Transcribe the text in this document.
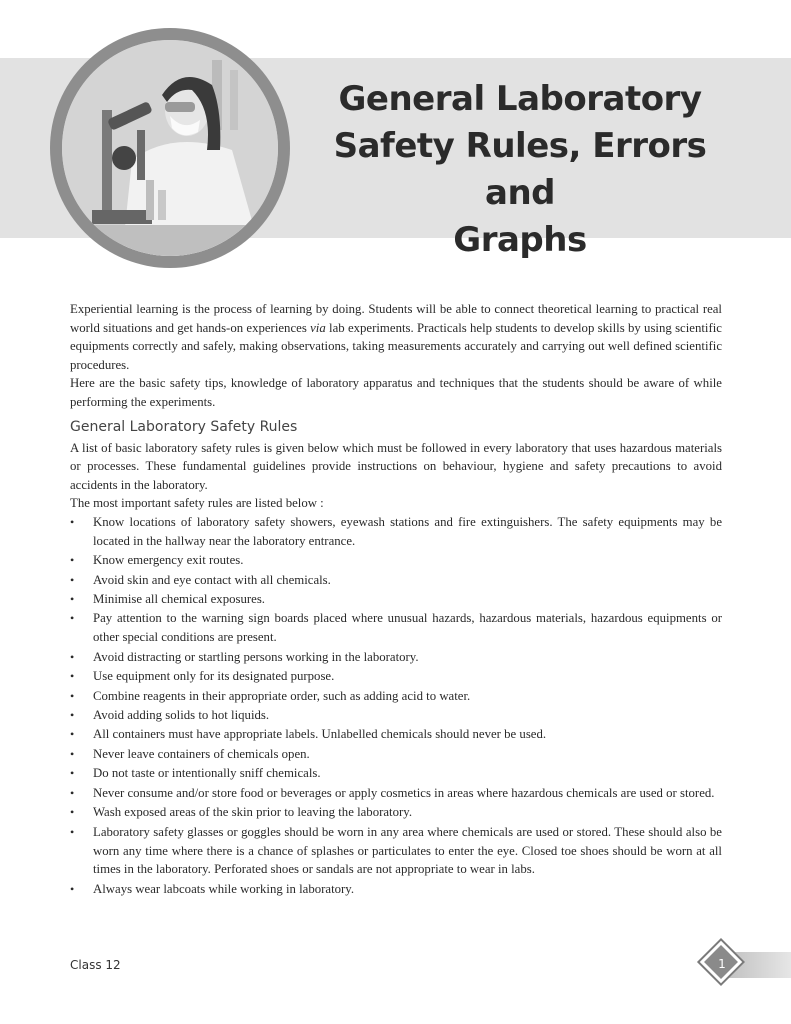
General Laboratory
Safety Rules, Errors and
Graphs

Experiential learning is the process of learning by doing. Students will be able to connect theoretical learning to practical real world situations and get hands-on experiences via lab experiments. Practicals help students to develop skills by using scientific equipments correctly and safely, making observations, taking measurements accurately and carrying out well defined scientific procedures.

Here are the basic safety tips, knowledge of laboratory apparatus and techniques that the students should be aware of while performing the experiments.

General Laboratory Safety Rules

A list of basic laboratory safety rules is given below which must be followed in every laboratory that uses hazardous materials or processes. These fundamental guidelines provide instructions on behaviour, hygiene and safety precautions to avoid accidents in the laboratory.

The most important safety rules are listed below :

• Know locations of laboratory safety showers, eyewash stations and fire extinguishers. The safety equipments may be located in the hallway near the laboratory entrance.
• Know emergency exit routes.
• Avoid skin and eye contact with all chemicals.
• Minimise all chemical exposures.
• Pay attention to the warning sign boards placed where unusual hazards, hazardous materials, hazardous equipments or other special conditions are present.
• Avoid distracting or startling persons working in the laboratory.
• Use equipment only for its designated purpose.
• Combine reagents in their appropriate order, such as adding acid to water.
• Avoid adding solids to hot liquids.
• All containers must have appropriate labels. Unlabelled chemicals should never be used.
• Never leave containers of chemicals open.
• Do not taste or intentionally sniff chemicals.
• Never consume and/or store food or beverages or apply cosmetics in areas where hazardous chemicals are used or stored.
• Wash exposed areas of the skin prior to leaving the laboratory.
• Laboratory safety glasses or goggles should be worn in any area where chemicals are used or stored. These should also be worn any time where there is a chance of splashes or particulates to enter the eye. Closed toe shoes should be worn at all times in the laboratory. Perforated shoes or sandals are not appropriate to wear in labs.
• Always wear labcoats while working in laboratory.
Class 12	1
